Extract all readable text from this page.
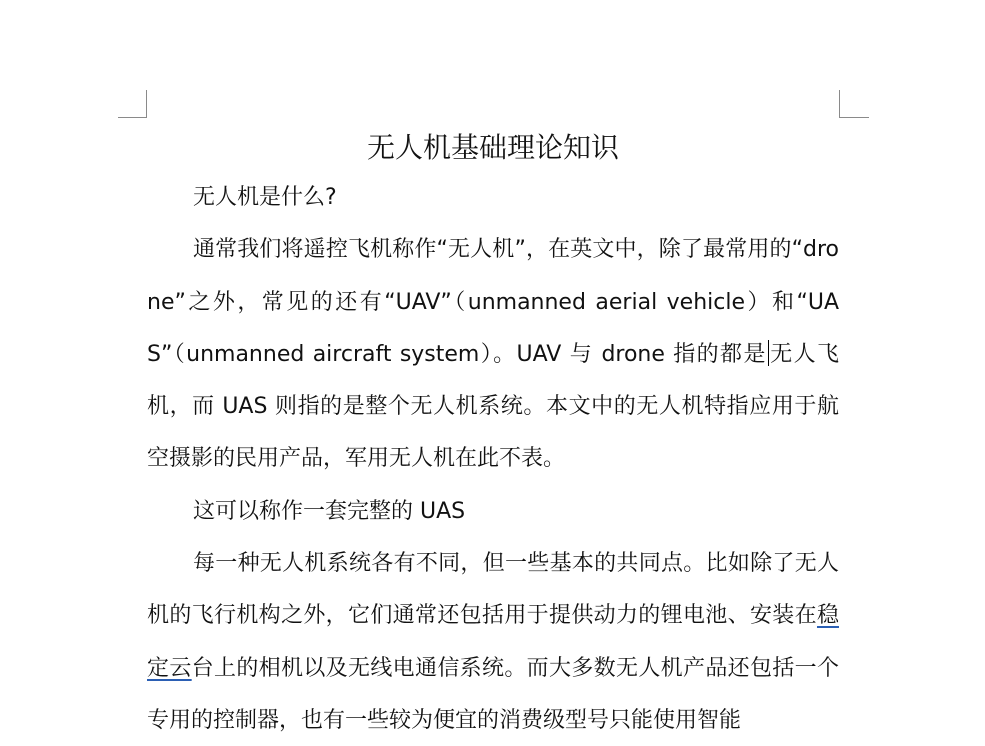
无人机基础理论知识

无人机是什么?

通常我们将遥控飞机称作“无人机”，在英文中，除了最常用的“drone”之外，常见的还有“UAV”（unmanned aerial vehicle）和“UAS”（unmanned aircraft system）。UAV 与 drone 指的都是无人飞机，而 UAS 则指的是整个无人机系统。本文中的无人机特指应用于航空摄影的民用产品，军用无人机在此不表。

这可以称作一套完整的 UAS

每一种无人机系统各有不同，但一些基本的共同点。比如除了无人机的飞行机构之外，它们通常还包括用于提供动力的锂电池、安装在稳定云台上的相机以及无线电通信系统。而大多数无人机产品还包括一个专用的控制器，也有一些较为便宜的消费级型号只能使用智能
